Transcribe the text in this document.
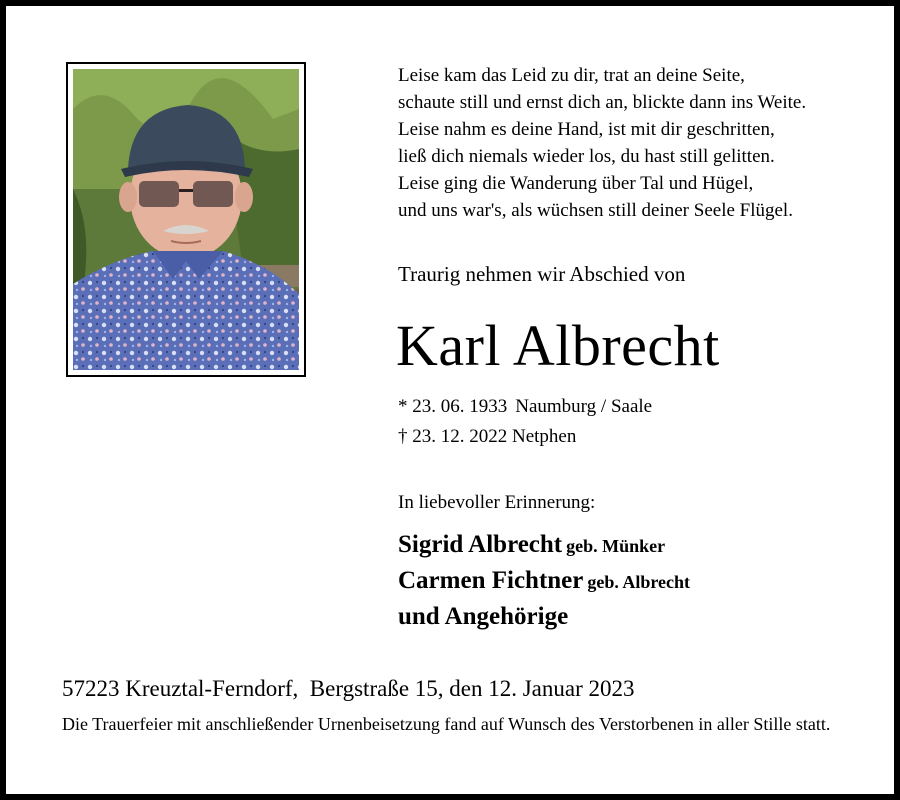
Leise kam das Leid zu dir, trat an deine Seite,
schaute still und ernst dich an, blickte dann ins Weite.
Leise nahm es deine Hand, ist mit dir geschritten,
ließ dich niemals wieder los, du hast still gelitten.
Leise ging die Wanderung über Tal und Hügel,
und uns war's, als wüchsen still deiner Seele Flügel.
Traurig nehmen wir Abschied von
Karl Albrecht
* 23. 06. 1933 Naumburg / Saale
† 23. 12. 2022 Netphen
In liebevoller Erinnerung:
Sigrid Albrecht geb. Münker
Carmen Fichtner geb. Albrecht
und Angehörige
57223 Kreuztal-Ferndorf,  Bergstraße 15, den 12. Januar 2023
Die Trauerfeier mit anschließender Urnenbeisetzung fand auf Wunsch des Verstorbenen in aller Stille statt.
